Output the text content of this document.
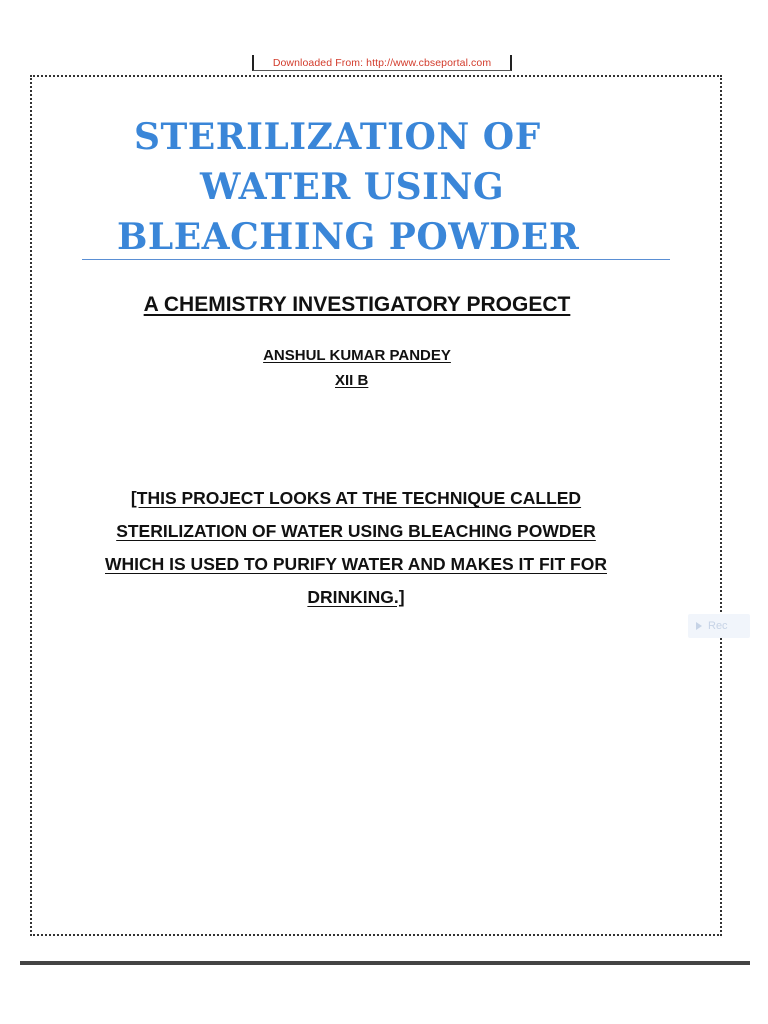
Downloaded From: http://www.cbseportal.com
STERILIZATION OF
WATER USING
BLEACHING POWDER
A CHEMISTRY INVESTIGATORY PROGECT
ANSHUL KUMAR PANDEY
XII B
[THIS PROJECT LOOKS AT THE TECHNIQUE CALLED
STERILIZATION OF WATER USING BLEACHING POWDER
WHICH IS USED TO PURIFY WATER AND MAKES IT FIT FOR
DRINKING.]
Rec
